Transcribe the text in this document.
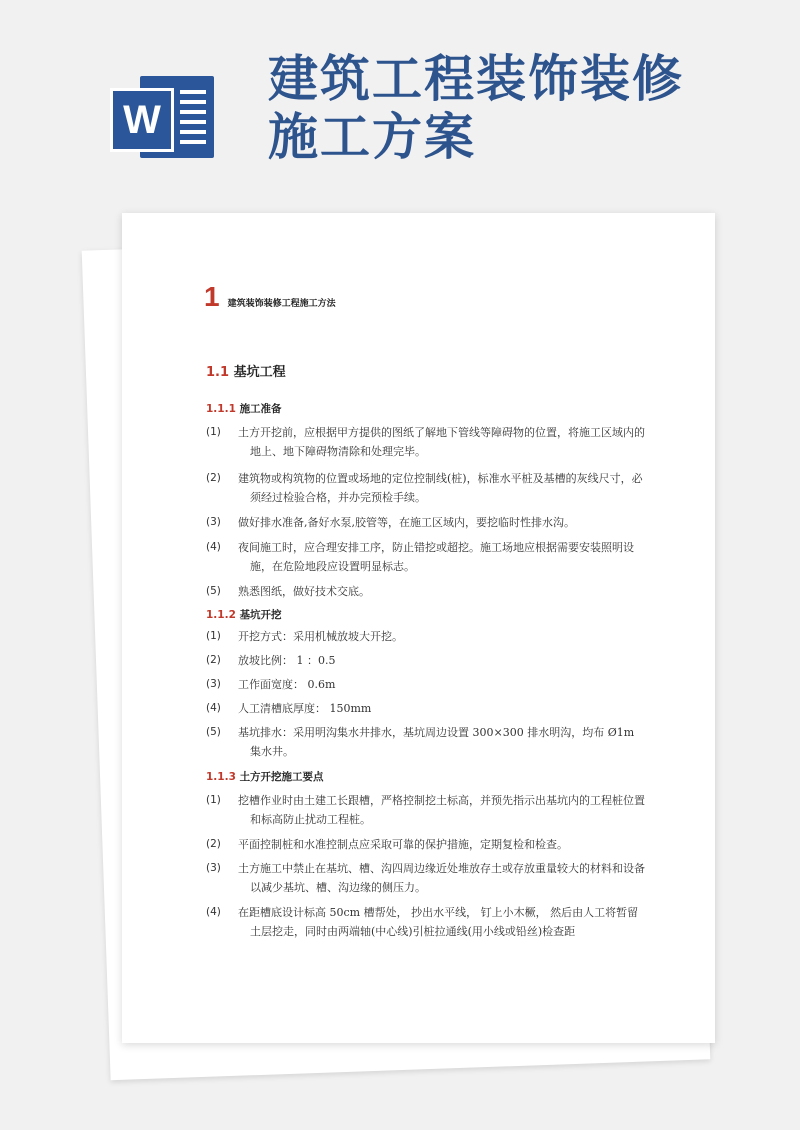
W
建筑工程装饰装修
施工方案
1 建筑装饰装修工程施工方法
1.1 基坑工程
1.1.1 施工准备
(1) 土方开挖前，应根据甲方提供的图纸了解地下管线等障碍物的位置，将施工区域内的地上、地下障碍物清除和处理完毕。
(2) 建筑物或构筑物的位置或场地的定位控制线(桩)，标准水平桩及基槽的灰线尺寸，必须经过检验合格，并办完预检手续。
(3) 做好排水准备,备好水泵,胶管等，在施工区域内，要挖临时性排水沟。
(4) 夜间施工时，应合理安排工序，防止错挖或超挖。施工场地应根据需要安装照明设施，在危险地段应设置明显标志。
(5) 熟悉图纸，做好技术交底。
1.1.2 基坑开挖
(1) 开挖方式：采用机械放坡大开挖。
(2) 放坡比例： 1 ：0.5
(3) 工作面宽度： 0.6m
(4) 人工清槽底厚度： 150mm
(5) 基坑排水：采用明沟集水井排水，基坑周边设置 300×300 排水明沟，均布 Ø1m 集水井。
1.1.3 土方开挖施工要点
(1) 挖槽作业时由土建工长跟槽，严格控制挖土标高，并预先指示出基坑内的工程桩位置和标高防止扰动工程桩。
(2) 平面控制桩和水准控制点应采取可靠的保护措施，定期复检和检查。
(3) 土方施工中禁止在基坑、槽、沟四周边缘近处堆放存土或存放重量较大的材料和设备以减少基坑、槽、沟边缘的侧压力。
(4) 在距槽底设计标高 50cm 槽帮处， 抄出水平线， 钉上小木橛， 然后由人工将暂留土层挖走，同时由两端轴(中心线)引桩拉通线(用小线或铅丝)检查距
